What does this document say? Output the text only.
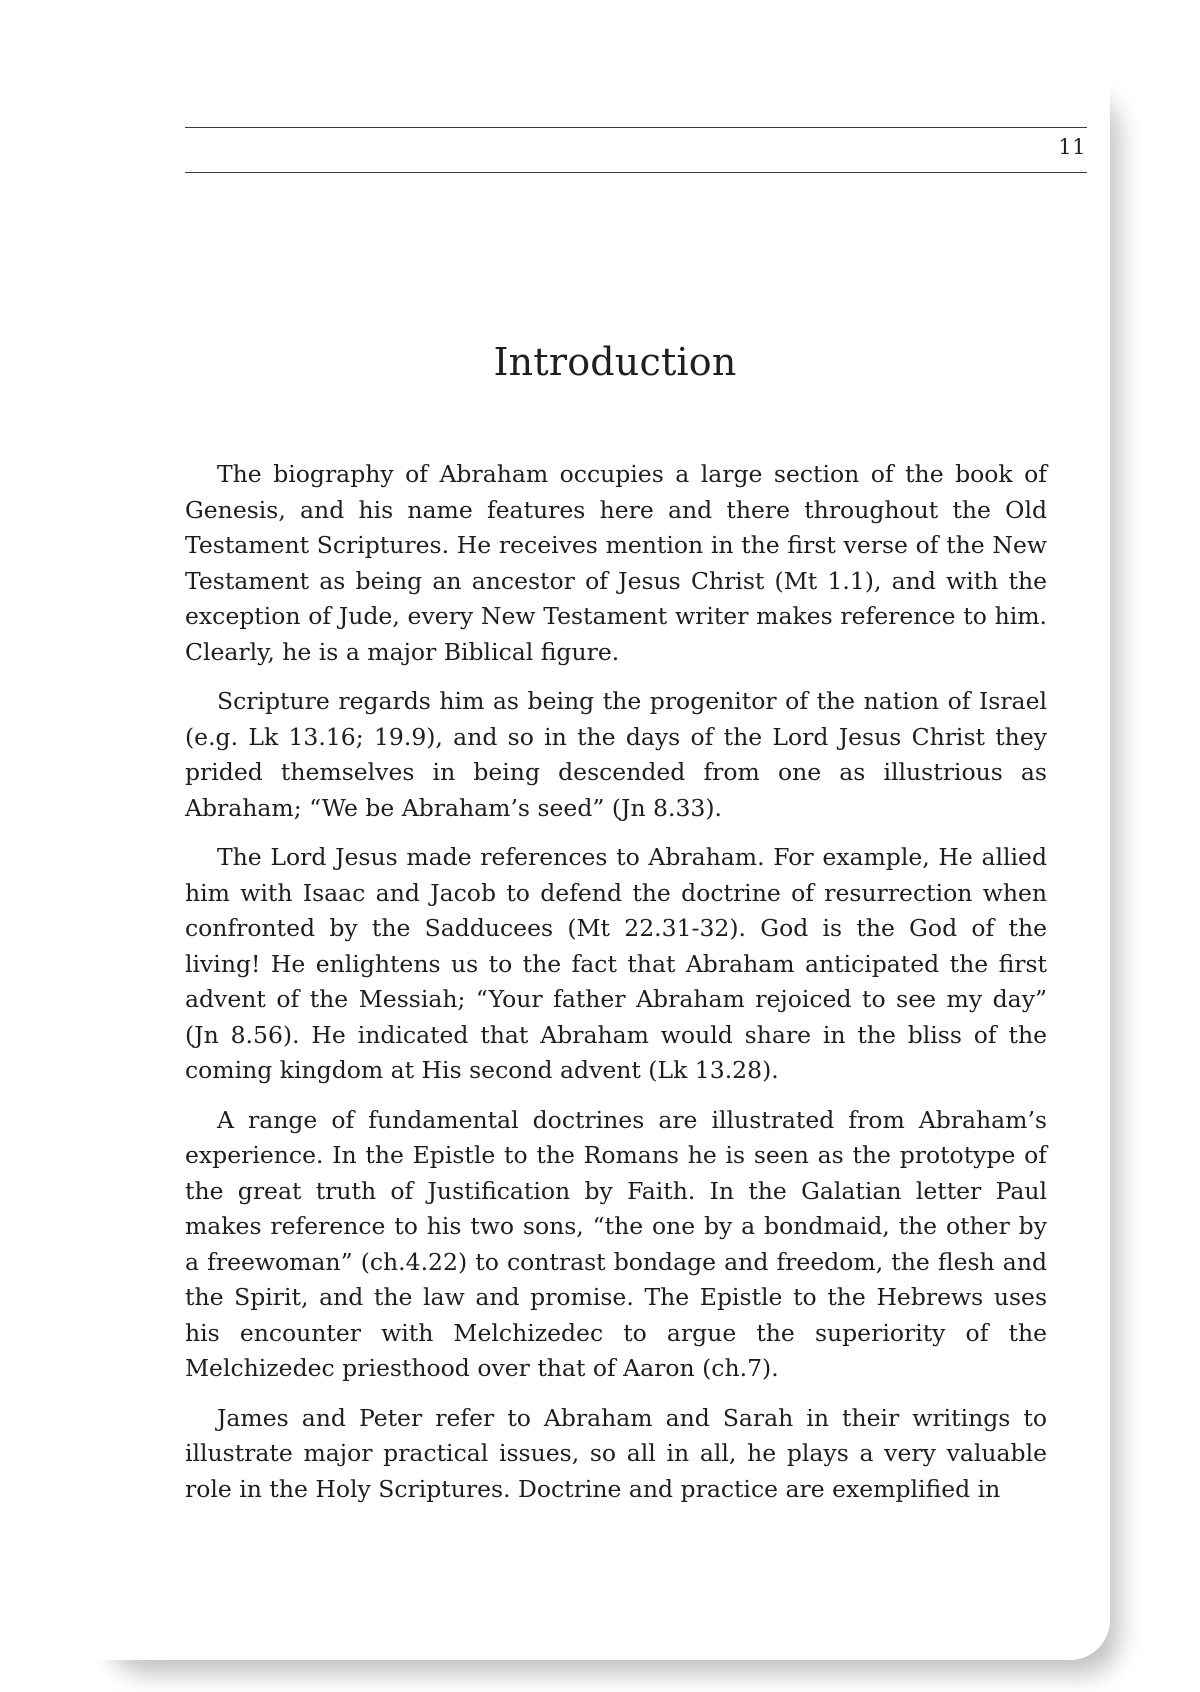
11
Introduction

The biography of Abraham occupies a large section of the book of Genesis, and his name features here and there throughout the Old Testament Scriptures. He receives mention in the first verse of the New Testament as being an ancestor of Jesus Christ (Mt 1.1), and with the exception of Jude, every New Testament writer makes reference to him. Clearly, he is a major Biblical figure.

Scripture regards him as being the progenitor of the nation of Israel (e.g. Lk 13.16; 19.9), and so in the days of the Lord Jesus Christ they prided themselves in being descended from one as illustrious as Abraham; “We be Abraham’s seed” (Jn 8.33).

The Lord Jesus made references to Abraham. For example, He allied him with Isaac and Jacob to defend the doctrine of resurrection when confronted by the Sadducees (Mt 22.31-32). God is the God of the living! He enlightens us to the fact that Abraham anticipated the first advent of the Messiah; “Your father Abraham rejoiced to see my day” (Jn 8.56). He indicated that Abraham would share in the bliss of the coming kingdom at His second advent (Lk 13.28).

A range of fundamental doctrines are illustrated from Abraham’s experience. In the Epistle to the Romans he is seen as the prototype of the great truth of Justification by Faith. In the Galatian letter Paul makes reference to his two sons, “the one by a bondmaid, the other by a freewoman” (ch.4.22) to contrast bondage and freedom, the flesh and the Spirit, and the law and promise. The Epistle to the Hebrews uses his encounter with Melchizedec to argue the superiority of the Melchizedec priesthood over that of Aaron (ch.7).

James and Peter refer to Abraham and Sarah in their writings to illustrate major practical issues, so all in all, he plays a very valuable role in the Holy Scriptures. Doctrine and practice are exemplified in
